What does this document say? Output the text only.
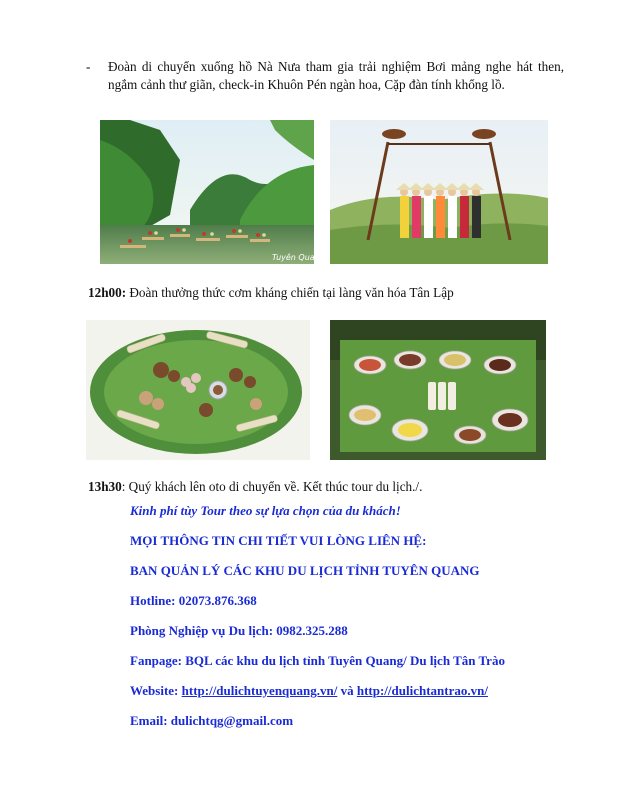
-	Đoàn di chuyển xuống hồ Nà Nưa tham gia trải nghiệm Bơi mảng nghe hát then, ngắm cảnh thư giãn, check-in Khuôn Pén ngàn hoa, Cặp đàn tính khổng lồ.
Tuyên Quang
12h00: Đoàn thưởng thức cơm kháng chiến tại làng văn hóa Tân Lập
13h30: Quý khách lên oto di chuyển về. Kết thúc tour du lịch./.
Kinh phí tùy Tour theo sự lựa chọn của du khách!
MỌI THÔNG TIN CHI TIẾT VUI LÒNG LIÊN HỆ:
BAN QUẢN LÝ CÁC KHU DU LỊCH TỈNH TUYÊN QUANG
Hotline: 02073.876.368
Phòng Nghiệp vụ Du lịch: 0982.325.288
Fanpage: BQL các khu du lịch tỉnh Tuyên Quang/ Du lịch Tân Trào
Website: http://dulichtuyenquang.vn/ và http://dulichtantrao.vn/
Email: dulichtqg@gmail.com
